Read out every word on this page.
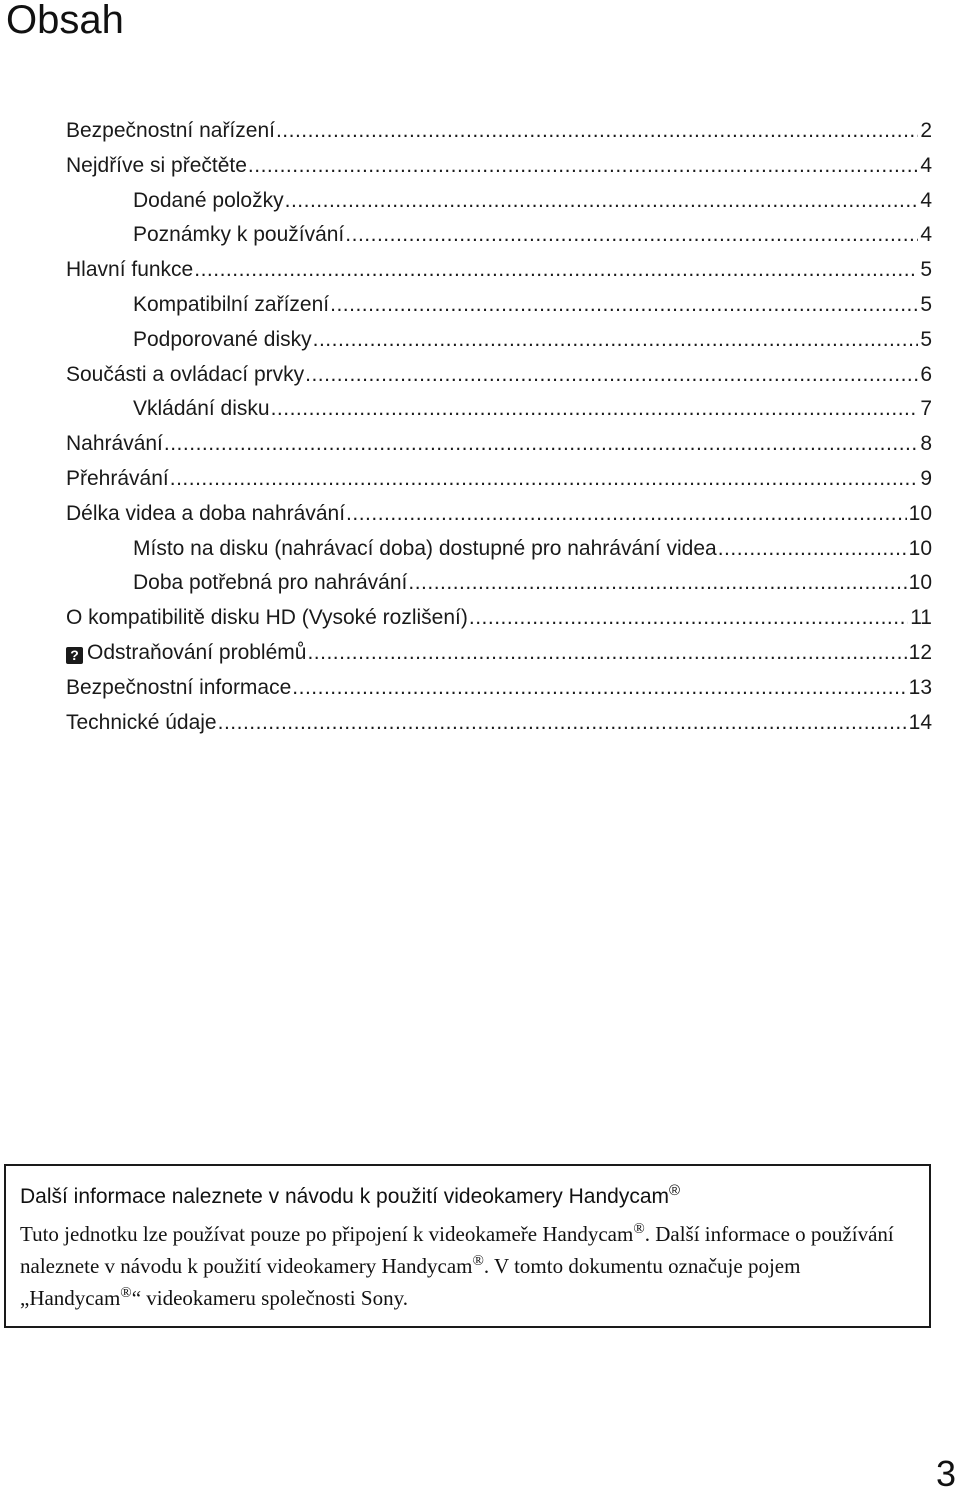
Obsah
Bezpečnostní nařízení .....	2
Nejdříve si přečtěte .....	4
Dodané položky .....	4
Poznámky k používání .....	4
Hlavní funkce .....	5
Kompatibilní zařízení .....	5
Podporované disky .....	5
Součásti a ovládací prvky .....	6
Vkládání disku .....	7
Nahrávání .....	8
Přehrávání .....	9
Délka videa a doba nahrávání .....	10
Místo na disku (nahrávací doba) dostupné pro nahrávání videa .....	10
Doba potřebná pro nahrávání .....	10
O kompatibilitě disku HD (Vysoké rozlišení) .....	11
? Odstraňování problémů .....	12
Bezpečnostní informace .....	13
Technické údaje .....	14

Další informace naleznete v návodu k použití videokamery Handycam®

Tuto jednotku lze používat pouze po připojení k videokameře Handycam®. Další informace o používání naleznete v návodu k použití videokamery Handycam®. V tomto dokumentu označuje pojem „Handycam®“ videokameru společnosti Sony.

3
